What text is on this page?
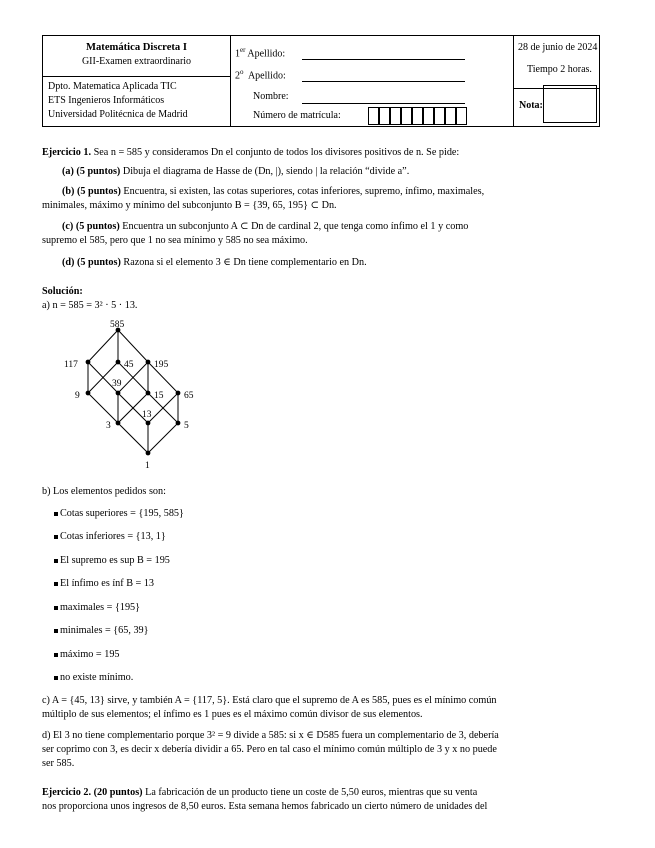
Matemática Discreta I
GII-Examen extraordinario
Dpto. Matematica Aplicada TIC
ETS Ingenieros Informáticos
Universidad Politécnica de Madrid
1er Apellido:
2$^o$  Apellido:
Nombre:
Número de matrícula:
28 de junio de 2024
Tiempo 2 horas.
Nota:
Ejercicio 1. Sea n = 585 y consideramos Dn el conjunto de todos los divisores positivos de n. Se pide:
(a) (5 puntos) Dibuja el diagrama de Hasse de (Dn, |), siendo | la relación “divide a”.
(b) (5 puntos) Encuentra, si existen, las cotas superiores, cotas inferiores, supremo, ínfimo, maximales,
minimales, máximo y mínimo del subconjunto B = {39, 65, 195} ⊂ Dn.
(c) (5 puntos) Encuentra un subconjunto A ⊂ Dn de cardinal 2, que tenga como ínfimo el 1 y como
supremo el 585, pero que 1 no sea mínimo y 585 no sea máximo.
(d) (5 puntos) Razona si el elemento 3 ∈ Dn tiene complementario en Dn.
Solución:
a) n = 585 = 3² · 5 · 13.
585
117	45 195
39
9	15 65
13
3	5
1
b) Los elementos pedidos son:
Cotas superiores = {195, 585}
Cotas inferiores = {13, 1}
El supremo es sup B = 195
El ínfimo es ínf B = 13
maximales = {195}
minimales = {65, 39}
máximo = 195
no existe mínimo.
c) A = {45, 13} sirve, y también A = {117, 5}. Está claro que el supremo de A es 585, pues es el mínimo común
múltiplo de sus elementos; el ínfimo es 1 pues es el máximo común divisor de sus elementos.
d) El 3 no tiene complementario porque 3² = 9 divide a 585: si x ∈ D585 fuera un complementario de 3, debería
ser coprimo con 3, es decir x debería dividir a 65. Pero en tal caso el mínimo común múltiplo de 3 y x no puede
ser 585.
Ejercicio 2. (20 puntos) La fabricación de un producto tiene un coste de 5,50 euros, mientras que su venta
nos proporciona unos ingresos de 8,50 euros. Esta semana hemos fabricado un cierto número de unidades del
